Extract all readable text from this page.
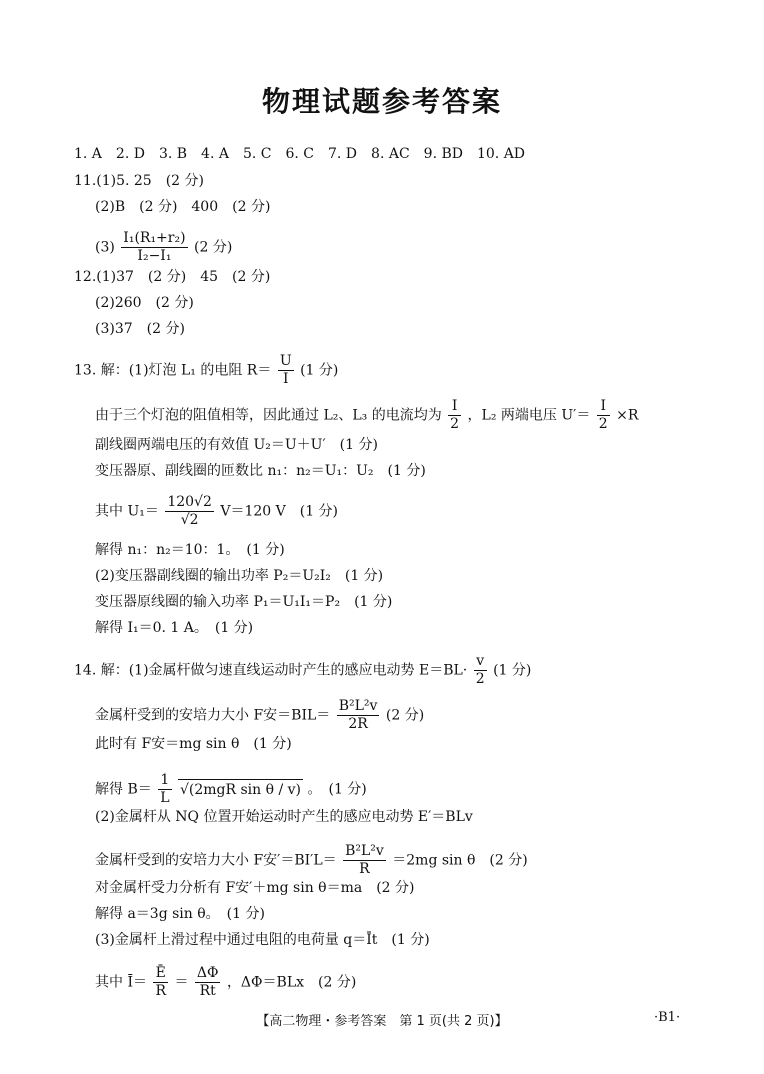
物理试题参考答案
1. A　2. D　3. B　4. A　5. C　6. C　7. D　8. AC　9. BD　10. AD
11.(1)5. 25　(2 分)
(2)B　(2 分)　400　(2 分)
$(3) \frac{\text{I₁(R₁+r₂)}}{\text{I₂−I₁}} (2$ 分)
12.(1)37　(2 分)　45　(2 分)
(2)260　(2 分)
(3)37　(2 分)
13. 解：(1)灯泡 L₁ 的电阻 $R= \frac{U}{I} (1$ 分)
由于三个灯泡的阻值相等，因此通过 L₂、L₃ 的电流均为 $\frac{I}{2}$ ，L₂ 两端电压 $U'= \frac{I}{2} \times R$
副线圈两端电压的有效值 U₂＝U＋U′　(1 分)
变压器原、副线圈的匝数比 n₁：n₂＝U₁：U₂　(1 分)
其中 $U_1= \frac{120√2}{√2} V=120$ V　(1 分)
解得 n₁：n₂＝10：1。　(1 分)
(2)变压器副线圈的输出功率 P₂＝U₂I₂　(1 分)
变压器原线圈的输入功率 P₁＝U₁I₁＝P₂　(1 分)
解得 I₁＝0. 1 A。　(1 分)
14. 解：(1)金属杆做匀速直线运动时产生的感应电动势 $E=BL\cdot \frac{v}{2} (1$ 分)
金属杆受到的安培力大小 F安$=BIL= \frac{\text{B²L²v}}{2R} (2$ 分)
此时有 F安＝mg sin θ　(1 分)
解得 $B= \frac{1}{L} √(2mgR$ sin θ / v) 。　(1 分)
(2)金属杆从 NQ 位置开始运动时产生的感应电动势 E′＝BLv
金属杆受到的安培力大小 F安$'=BI'L= \frac{\text{B²L²v}}{R} =2mg$ sin θ　(2 分)
对金属杆受力分析有 F安′＋mg sin θ＝ma　(2 分)
解得 a＝3g sin θ。　(1 分)
(3)金属杆上滑过程中通过电阻的电荷量 q＝Īt　(1 分)
其中 Ī＝ $\frac{Ē}{R} = \frac{\Delta\Phi}{Rt}$ ，ΔΦ＝BLx　(2 分)
【高二物理・参考答案　第 1 页(共 2 页)】	·B1·
